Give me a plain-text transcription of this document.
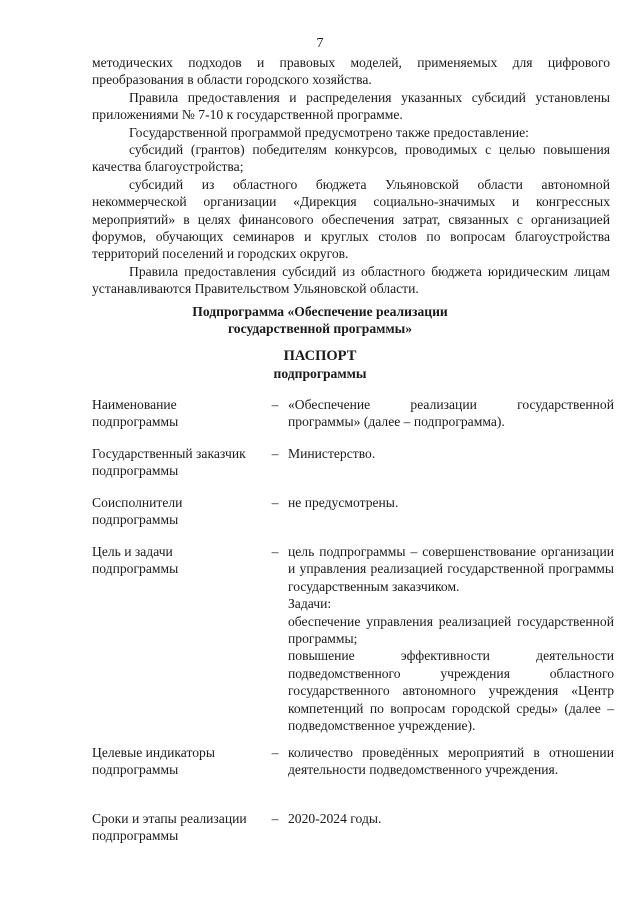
7

методических подходов и правовых моделей, применяемых для цифрового преобразования в области городского хозяйства.

Правила предоставления и распределения указанных субсидий установлены приложениями № 7-10 к государственной программе.

Государственной программой предусмотрено также предоставление:

субсидий (грантов) победителям конкурсов, проводимых с целью повышения качества благоустройства;

субсидий из областного бюджета Ульяновской области автономной некоммерческой организации «Дирекция социально-значимых и конгрессных мероприятий» в целях финансового обеспечения затрат, связанных с организацией форумов, обучающих семинаров и круглых столов по вопросам благоустройства территорий поселений и городских округов.

Правила предоставления субсидий из областного бюджета юридическим лицам устанавливаются Правительством Ульяновской области.

Подпрограмма «Обеспечение реализации
государственной программы»
ПАСПОРТ
подпрограммы
Наименование подпрограммы
– «Обеспечение реализации государственной программы» (далее – подпрограмма).

Государственный заказчик подпрограммы
– Министерство.

Соисполнители подпрограммы
– не предусмотрены.

Цель и задачи подпрограммы
– цель подпрограммы – совершенствование организации и управления реализацией государственной программы государственным заказчиком.

Задачи:

обеспечение управления реализацией государственной программы;

повышение эффективности деятельности подведомственного учреждения областного государственного автономного учреждения «Центр компетенций по вопросам городской среды» (далее – подведомственное учреждение).

Целевые индикаторы подпрограммы
– количество проведённых мероприятий в отношении деятельности подведомственного учреждения.

Сроки и этапы реализации подпрограммы
– 2020-2024 годы.
